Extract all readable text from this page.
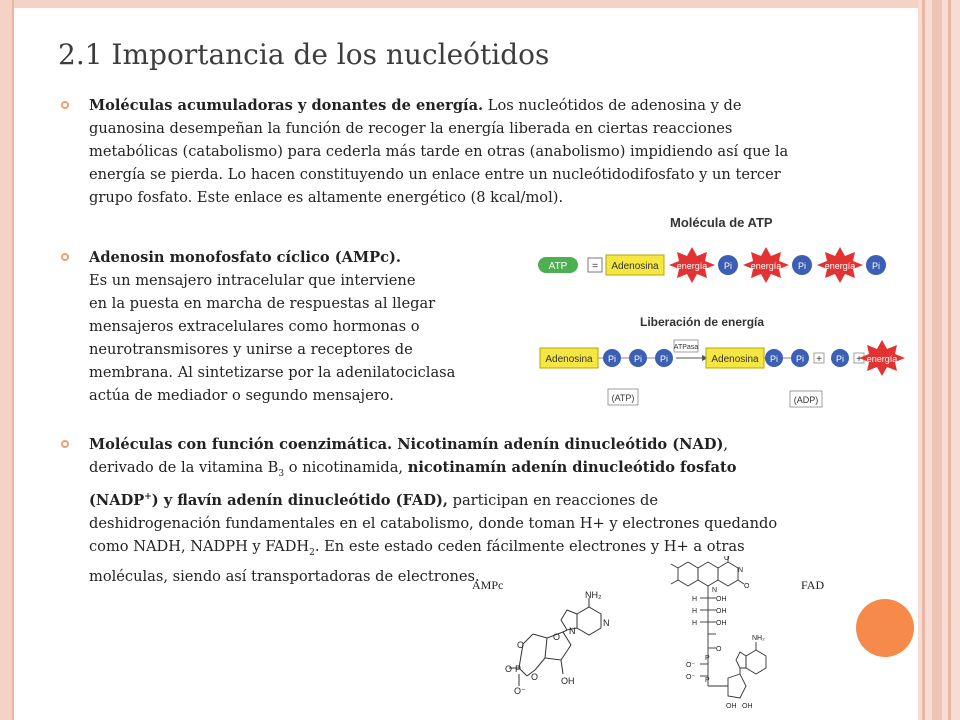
2.1 Importancia de los nucleótidos

Moléculas acumuladoras y donantes de energía. Los nucleótidos de adenosina y de

guanosina desempeñan la función de recoger la energía liberada en ciertas reacciones

metabólicas (catabolismo) para cederla más tarde en otras (anabolismo) impidiendo así que la

energía se pierda. Lo hacen constituyendo un enlace entre un nucleótidodifosfato y un tercer

grupo fosfato. Este enlace es altamente energético (8 kcal/mol).

Adenosin monofosfato cíclico (AMPc).

Es un mensajero intracelular que interviene

en la puesta en marcha de respuestas al llegar

mensajeros extracelulares como hormonas o

neurotransmisores y unirse a receptores de

membrana. Al sintetizarse por la adenilatociclasa

actúa de mediador o segundo mensajero.

Moléculas con función coenzimática. Nicotinamín adenín dinucleótido (NAD),

derivado de la vitamina $B_3$ o nicotinamida, nicotinamín adenín dinucleótido fosfato

(NADP+) y flavín adenín dinucleótido (FAD), participan en reacciones de

deshidrogenación fundamentales en el catabolismo, donde toman H+ y electrones quedando

como NADH, NADPH y $FADH_2$. En este estado ceden fácilmente electrones y H+ a otras

moléculas, siendo así transportadoras de electrones.

Molécula de ATP
ATP = Adenosina energía Pi energía Pi energía Pi
Liberación de energía
Adenosina Pi Pi Pi
ATPasa
Adenosina Pi Pi + Pi + energía
(ATP)	(ADP)
AMPc	FAD
NH₂
O
P
O
O⁻
OH
O
O
N
N
O
O
N
N
OH
OH
OH
H
H
H
P
P
O
O⁻
O⁻
NH₂
OH OH
